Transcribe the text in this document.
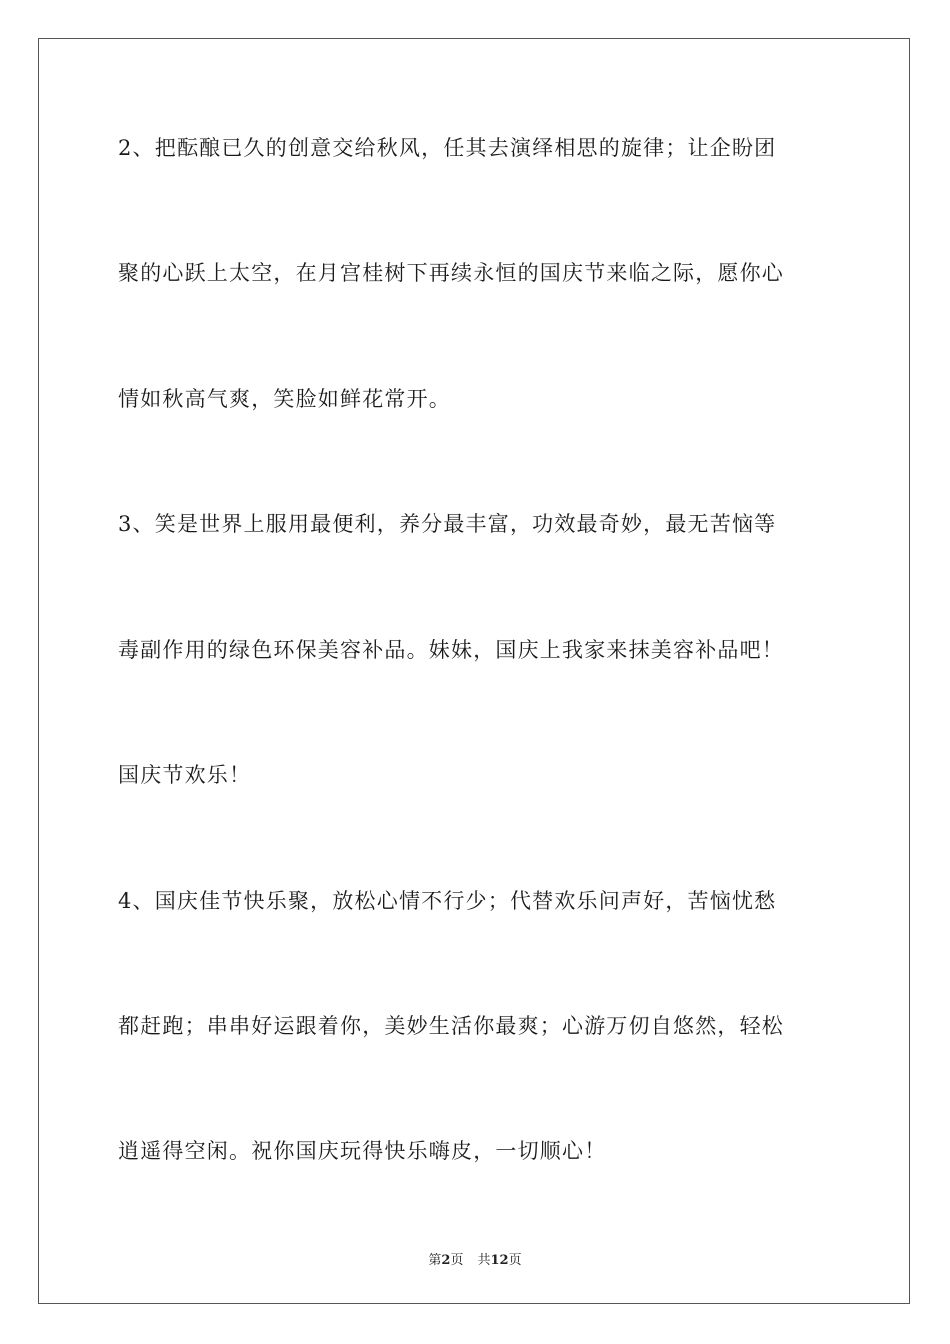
2、把酝酿已久的创意交给秋风，任其去演绎相思的旋律；让企盼团

聚的心跃上太空，在月宫桂树下再续永恒的国庆节来临之际，愿你心

情如秋高气爽，笑脸如鲜花常开。

3、笑是世界上服用最便利，养分最丰富，功效最奇妙，最无苦恼等

毒副作用的绿色环保美容补品。妹妹，国庆上我家来抹美容补品吧！

国庆节欢乐！

4、国庆佳节快乐聚，放松心情不行少；代替欢乐问声好，苦恼忧愁

都赶跑；串串好运跟着你，美妙生活你最爽；心游万仞自悠然，轻松

逍遥得空闲。祝你国庆玩得快乐嗨皮，一切顺心！

第2页 共12页
